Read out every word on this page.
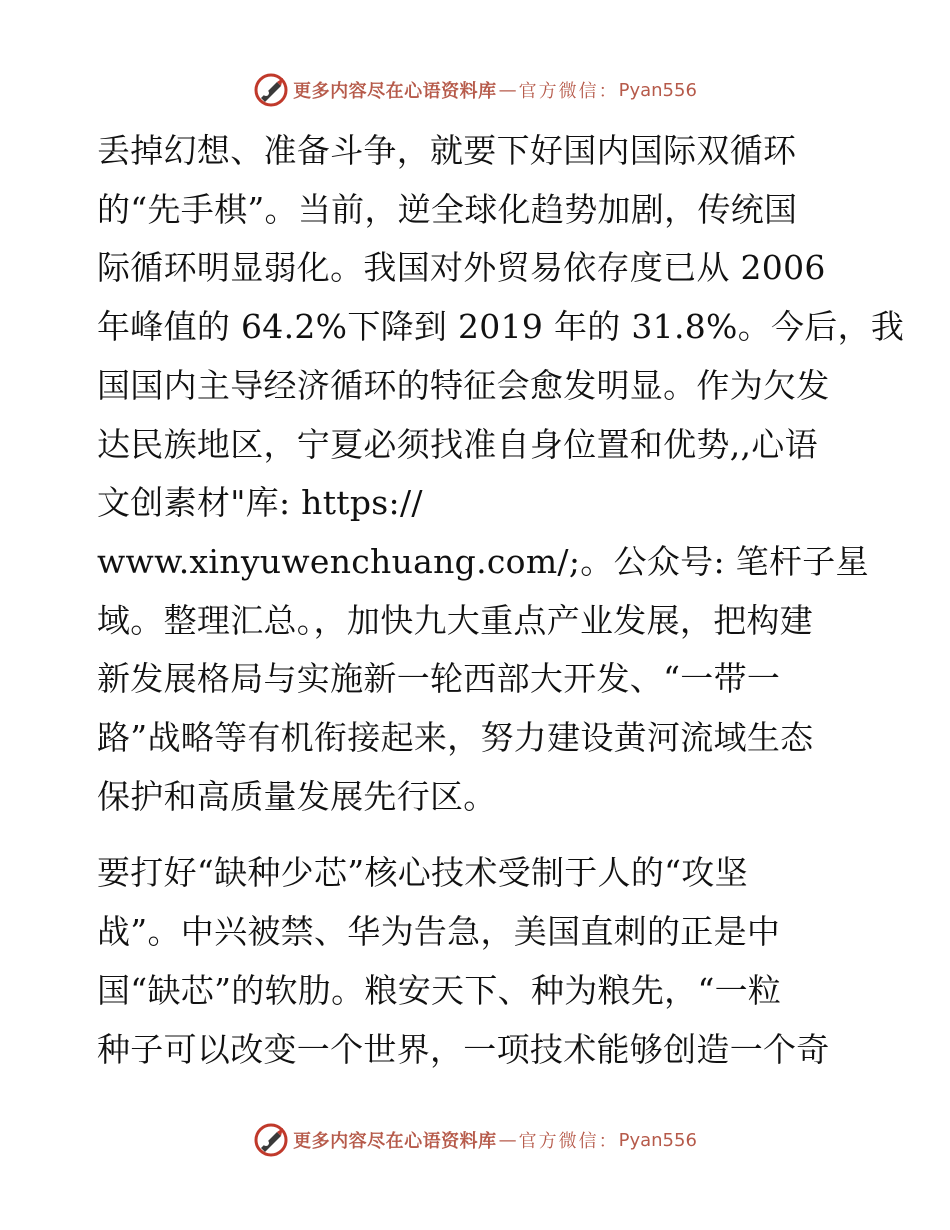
更多内容尽在心语资料库 — 官方微信： Pyan556

丢掉幻想、准备斗争，就要下好国内国际双循环
的“先手棋”。当前，逆全球化趋势加剧，传统国
际循环明显弱化。我国对外贸易依存度已从 2006
年峰值的 64.2%下降到 2019 年的 31.8%。今后，我
国国内主导经济循环的特征会愈发明显。作为欠发
达民族地区，宁夏必须找准自身位置和优势,,心语
文创素材"库: https://
www.xinyuwenchuang.com/;。公众号: 笔杆子星
域。整理汇总。，加快九大重点产业发展，把构建
新发展格局与实施新一轮西部大开发、“一带一
路”战略等有机衔接起来，努力建设黄河流域生态
保护和高质量发展先行区。

要打好“缺种少芯”核心技术受制于人的“攻坚
战”。中兴被禁、华为告急，美国直刺的正是中
国“缺芯”的软肋。粮安天下、种为粮先，“一粒
种子可以改变一个世界，一项技术能够创造一个奇

更多内容尽在心语资料库 — 官方微信： Pyan556
